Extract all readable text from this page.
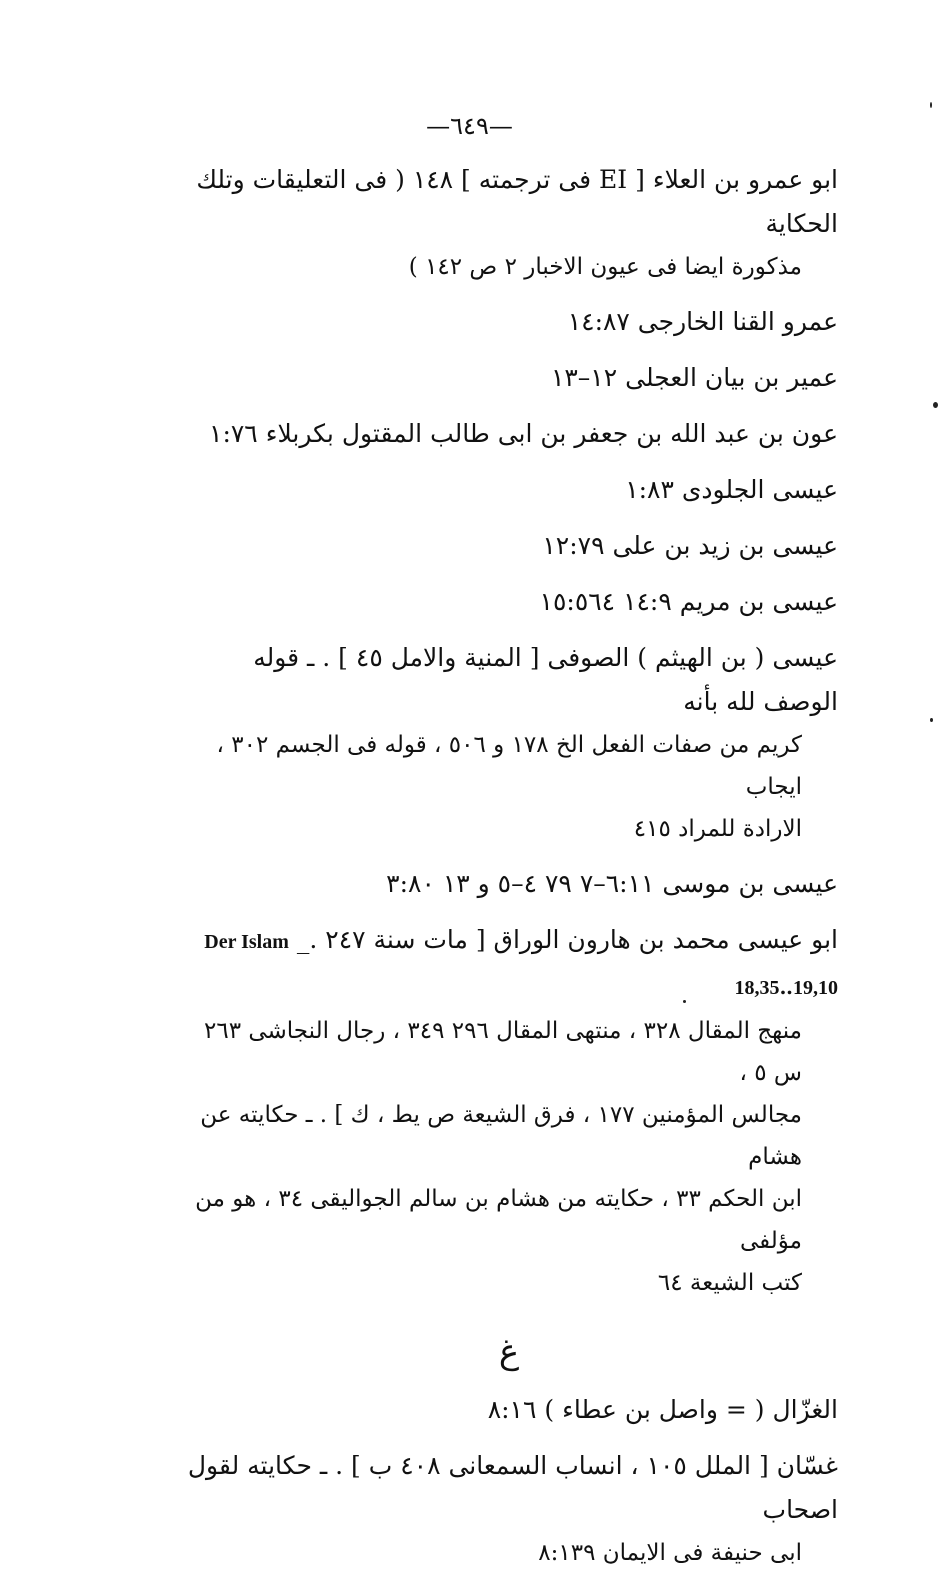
—٦٤٩—
ابو عمرو بن العلاء [ EI فى ترجمته ] ١٤٨ ( فى التعليقات وتلك الحكاية
مذكورة ايضا فى عيون الاخبار ٢ ص ١٤٢ )
عمرو القنا الخارجى ١٤:٨٧
عمير بن بيان العجلى ١٢–١٣
عون بن عبد الله بن جعفر بن ابى طالب المقتول بكربلاء ١:٧٦
عيسى الجلودى ١:٨٣
عيسى بن زيد بن على ١٢:٧٩
عيسى بن مريم ١٤:٩ ١٥:٥٦٤
عيسى ( بن الهيثم ) الصوفى [ المنية والامل ٤٥ ] . ـ قوله الوصف لله بأنه
كريم من صفات الفعل الخ ١٧٨ و ٥٠٦ ، قوله فى الجسم ٣٠٢ ، ايجاب
الارادة للمراد ٤١٥
عيسى بن موسى ٦:١١–٧ ٧٩ ٤–٥ و ١٣ ٣:٨٠
ابو عيسى محمد بن هارون الوراق [ مات سنة ٢٤٧ ._ Der Islam 18,35‥19,10
منهج المقال ٣٢٨ ، منتهى المقال ٢٩٦ ٣٤٩ ، رجال النجاشى ٢٦٣ س ٥ ،
مجالس المؤمنين ١٧٧ ، فرق الشيعة ص يط ، ك ] . ـ حكايته عن هشام
ابن الحكم ٣٣ ، حكايته من هشام بن سالم الجواليقى ٣٤ ، هو من مؤلفى
كتب الشيعة ٦٤
غ
الغزّال ( = واصل بن عطاء ) ٨:١٦
غسّان [ الملل ١٠٥ ، انساب السمعانى ٤٠٨ ب ] . ـ حكايته لقول اصحاب
ابى حنيفة فى الايمان ٨:١٣٩
